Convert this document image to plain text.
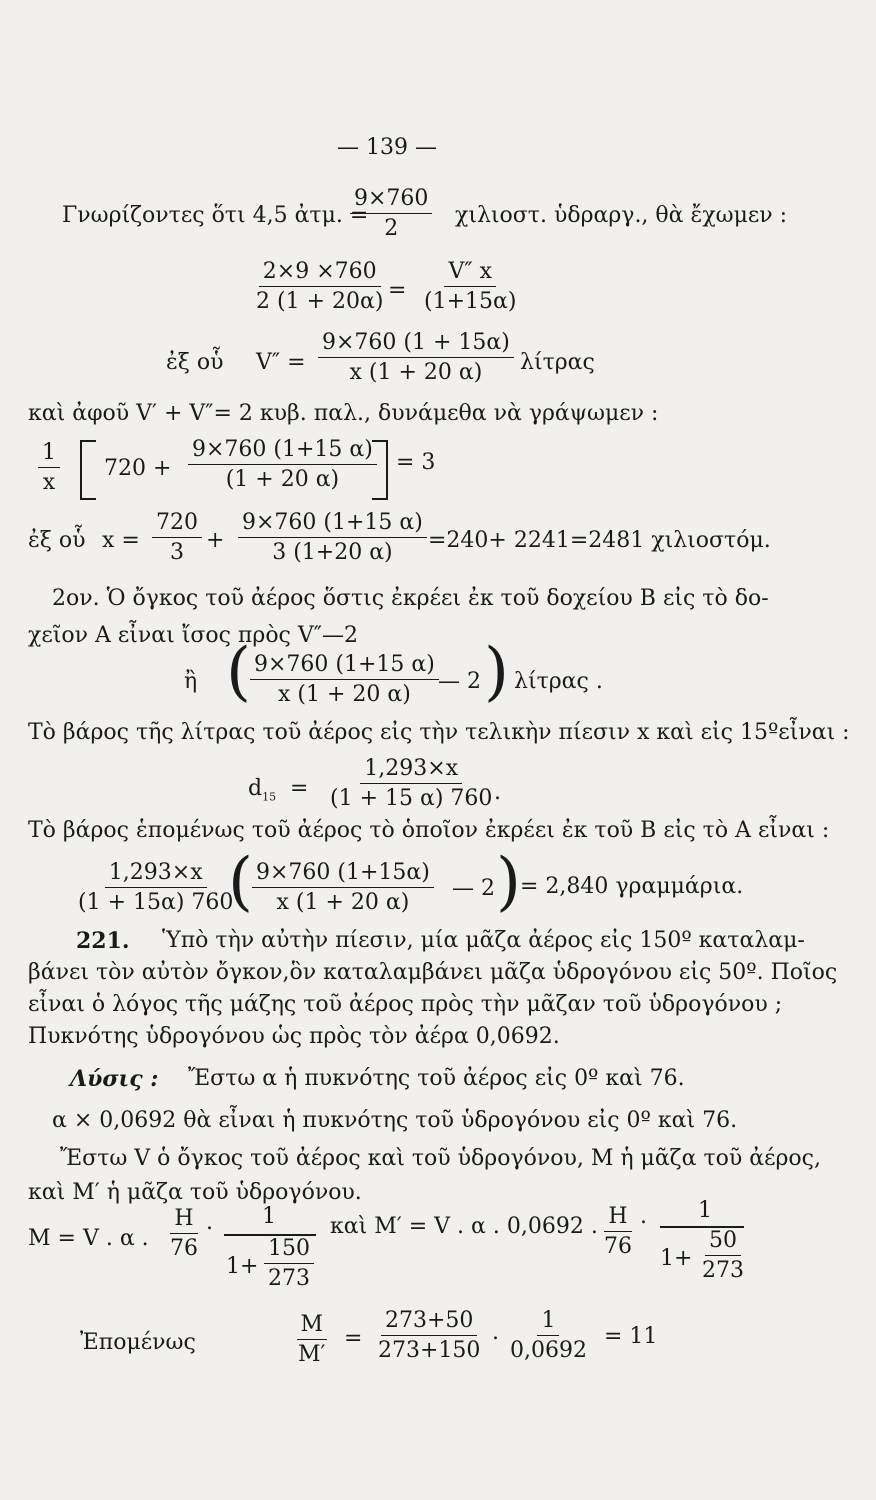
— 139 —
Γνωρίζοντες ὅτι 4,5 ἀτμ. =
$\frac{9\times 760}{2} \chi\iota\lambda\iota o\sigma\tau$. ὑδραργ., θὰ ἔχωμεν :
$\frac{2\times 9 \times 760}{2 (1 + 20\alpha)} = \frac{V'' x}{(1+15\alpha)}$
ἐξ οὗ $V'' = \frac{9\times 760 (1 + 15\alpha)}{x (1 + 20 \alpha)}$ λίτρας
καὶ ἀφοῦ V′ + V″= 2 κυβ. παλ., δυνάμεθα νὰ γράψωμεν :
$\frac{1}{x} 720 + \frac{9\times 760 (1+15 \alpha)}{(1 + 20 \alpha)} = 3$
ἐξ οὗ $x = \frac{720}{3} + \frac{9\times 760 (1+15 \alpha)}{3 (1+20 \alpha)} =240+ 2241=2481$ χιλιοστόμ.
2ον. Ὁ ὄγκος τοῦ ἀέρος ὅστις ἐκρέει ἐκ τοῦ δοχείου Β εἰς τὸ δο-
χεῖον Α εἶναι ἴσος πρὸς V″—2
ἢ ( $\frac{9\times 760 (1+15 \alpha)}{x (1 + 20 \alpha)}$ — 2 ) λίτρας .
Τὸ βάρος τῆς λίτρας τοῦ ἀέρος εἰς τὴν τελικὴν πίεσιν x καὶ εἰς 15ºεἶναι :
$d_{15} = \frac{1,293\times x}{(1 + 15 \alpha) 760}$
.
Τὸ βάρος ἑπομένως τοῦ ἀέρος τὸ ὁποῖον ἐκρέει ἐκ τοῦ Β εἰς τὸ Α εἶναι :
$\frac{1,293\times x}{(1 + 15\alpha) 760}$
( $\frac{9\times 760 (1+15\alpha)}{x (1 + 20 \alpha)}$ — 2 ) = 2,840 γραμμάρια.
221. Ὑπὸ τὴν αὐτὴν πίεσιν, μία μᾶζα ἀέρος εἰς 150º καταλαμ-
βάνει τὸν αὐτὸν ὄγκον,ὃν καταλαμβάνει μᾶζα ὑδρογόνου εἰς 50º. Ποῖος
εἶναι ὁ λόγος τῆς μάζης τοῦ ἀέρος πρὸς τὴν μᾶζαν τοῦ ὑδρογόνου ;
Πυκνότης ὑδρογόνου ὡς πρὸς τὸν ἀέρα 0,0692.
Λύσις : Ἔστω α ἡ πυκνότης τοῦ ἀέρος εἰς 0º καὶ 76.
α × 0,0692 θὰ εἶναι ἡ πυκνότης τοῦ ὑδρογόνου εἰς 0º καὶ 76.
Ἔστω V ὁ ὄγκος τοῦ ἀέρος καὶ τοῦ ὑδρογόνου, Μ ἡ μᾶζα τοῦ ἀέρος,
καὶ Μ′ ἡ μᾶζα τοῦ ὑδρογόνου.
Μ = V . α . $\frac{H}{76}$ . 1
$1+ \frac{150}{273}$
καὶ Μ′ = V . α . 0,0692 . $\frac{H}{76}$ . 1
$1+ \frac{50}{273}$
Ἐπομένως	$\frac{M}{M'} = \frac{273+50}{273+150}$ . $\frac{1}{0,0692} = 11$
